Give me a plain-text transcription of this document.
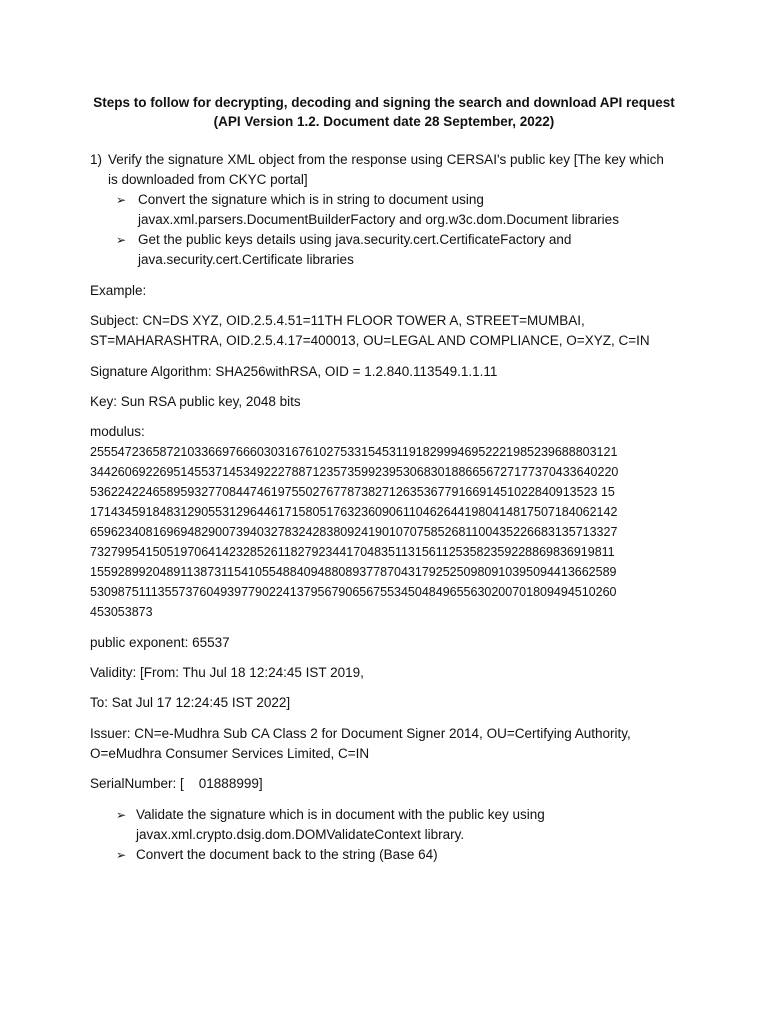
Steps to follow for decrypting, decoding and signing the search and download API request
(API Version 1.2. Document date 28 September, 2022)
1) Verify the signature XML object from the response using CERSAI's public key [The key which
is downloaded from CKYC portal]
➢ Convert the signature which is in string to document using
javax.xml.parsers.DocumentBuilderFactory and org.w3c.dom.Document libraries
➢ Get the public keys details using java.security.cert.CertificateFactory and
java.security.cert.Certificate libraries
Example:
Subject: CN=DS XYZ, OID.2.5.4.51=11TH FLOOR TOWER A, STREET=MUMBAI,
ST=MAHARASHTRA, OID.2.5.4.17=400013, OU=LEGAL AND COMPLIANCE, O=XYZ, C=IN
Signature Algorithm: SHA256withRSA, OID = 1.2.840.113549.1.1.11
Key: Sun RSA public key, 2048 bits
modulus:
2555472365872103366976660303167610275331545311918299946952221985239688803121
3442606922695145537145349222788712357359923953068301886656727177370433640220
5362242246589593277084474619755027677873827126353677916691451022840913523 15
1714345918483129055312964461715805176323609061104626441980414817507184062142
6596234081696948290073940327832428380924190107075852681100435226683135713327
7327995415051970641423285261182792344170483511315611253582359228869836919811
1559289920489113873115410554884094880893778704317925250980910395094413662589
5309875111355737604939779022413795679065675534504849655630200701809494510260
453053873
public exponent: 65537
Validity: [From: Thu Jul 18 12:24:45 IST 2019,
To: Sat Jul 17 12:24:45 IST 2022]
Issuer: CN=e-Mudhra Sub CA Class 2 for Document Signer 2014, OU=Certifying Authority,
O=eMudhra Consumer Services Limited, C=IN
SerialNumber: [    01888999]
➢ Validate the signature which is in document with the public key using
javax.xml.crypto.dsig.dom.DOMValidateContext library.
➢ Convert the document back to the string (Base 64)
